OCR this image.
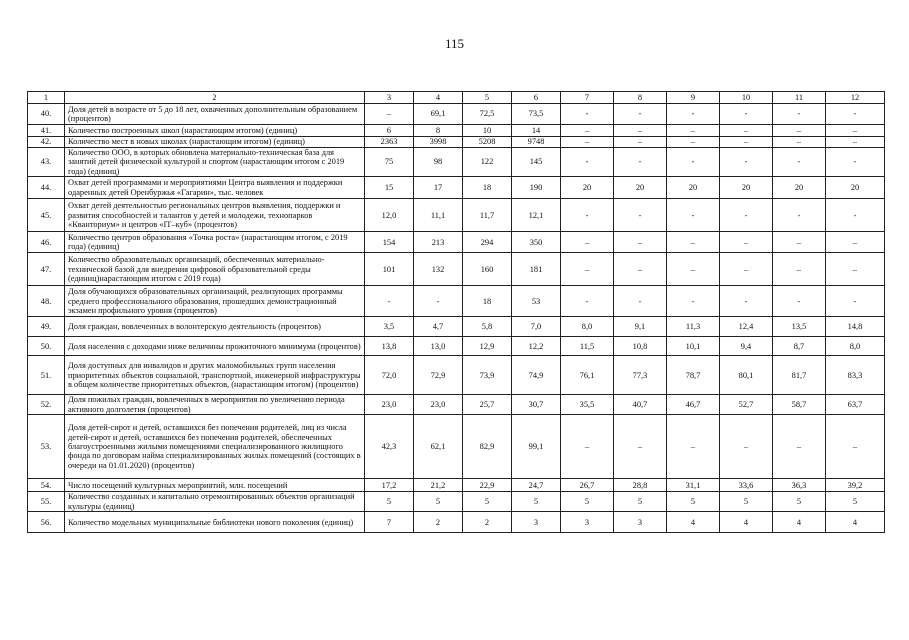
115
1	2	3	4	5	6	7	8	9	10	11	12
40.	Доля детей в возрасте от 5 до 18 лет, охваченных дополнительным образованием (процентов)	–	69,1	72,5	73,5	-	-	-	-	-	-
41.	Количество построенных школ (нарастающим итогом) (единиц)	6	8	10	14	–	–	–	–	–	–
42.	Количество мест в новых школах (нарастающим итогом) (единиц)	2363	3998	5208	9748	–	–	–	–	–	–
43.	Количество ООО, в которых обновлена материально-техническая база для занятий детей физической культурой и спортом (нарастающим итогом с 2019 года) (единиц)	75	98	122	145	-	-	-	-	-	-
44.	Охват детей программами и мероприятиями Центра выявления и поддержки одаренных детей Оренбуржья «Гагарин», тыс. человек	15	17	18	190	20	20	20	20	20	20
45.	Охват детей деятельностью региональных центров выявления, поддержки и развития способностей и талантов у детей и молодежи, технопарков «Кванториум» и центров «IT–куб» (процентов)	12,0	11,1	11,7	12,1	-	-	-	-	-	-
46.	Количество центров образования «Точка роста» (нарастающим итогом, с 2019 года) (единиц)	154	213	294	350	–	–	–	–	–	–
47.	Количество образовательных организаций, обеспеченных материально-технической базой для внедрения цифровой образовательной среды (единиц)нарастающим итогом с 2019 года)	101	132	160	181	–	–	–	–	–	–
48.	Доля обучающихся образовательных организаций, реализующих программы среднего профессионального образования, прошедших демонстрационный экзамен профильного уровня (процентов)	-	-	18	53	-	-	-	-	-	-
49.	Доля граждан, вовлеченных в волонтерскую деятельность (процентов)	3,5	4,7	5,8	7,0	8,0	9,1	11,3	12,4	13,5	14,8
50.	Доля населения с доходами ниже величины прожиточного минимума (процентов)	13,8	13,0	12,9	12,2	11,5	10,8	10,1	9,4	8,7	8,0
51.	Доля доступных для инвалидов и других маломобильных групп населения приоритетных объектов социальной, транспортной, инженерной инфраструктуры в общем количестве приоритетных объектов, (нарастающим итогом) (процентов)	72,0	72,9	73,9	74,9	76,1	77,3	78,7	80,1	81,7	83,3
52.	Доля пожилых граждан, вовлеченных в мероприятия по увеличению периода активного долголетия (процентов)	23,0	23,0	25,7	30,7	35,5	40,7	46,7	52,7	58,7	63,7
53.	Доля детей-сирот и детей, оставшихся без попечения родителей, лиц из числа детей-сирот и детей, оставшихся без попечения родителей, обеспеченных благоустроенными жилыми помещениями специализированного жилищного фонда по договорам найма специализированных жилых помещений (состоящих в очереди на 01.01.2020) (процентов)	42,3	62,1	82,9	99,1	–	–	–	–	–	–
54.	Число посещений культурных мероприятий, млн. посещений	17,2	21,2	22,9	24,7	26,7	28,8	31,1	33,6	36,3	39,2
55.	Количество созданных и капитально отремонтированных объектов организаций культуры (единиц)	5	5	5	5	5	5	5	5	5	5
56.	Количество модельных муниципальные библиотеки нового поколения (единиц)	7	2	2	3	3	3	4	4	4	4
